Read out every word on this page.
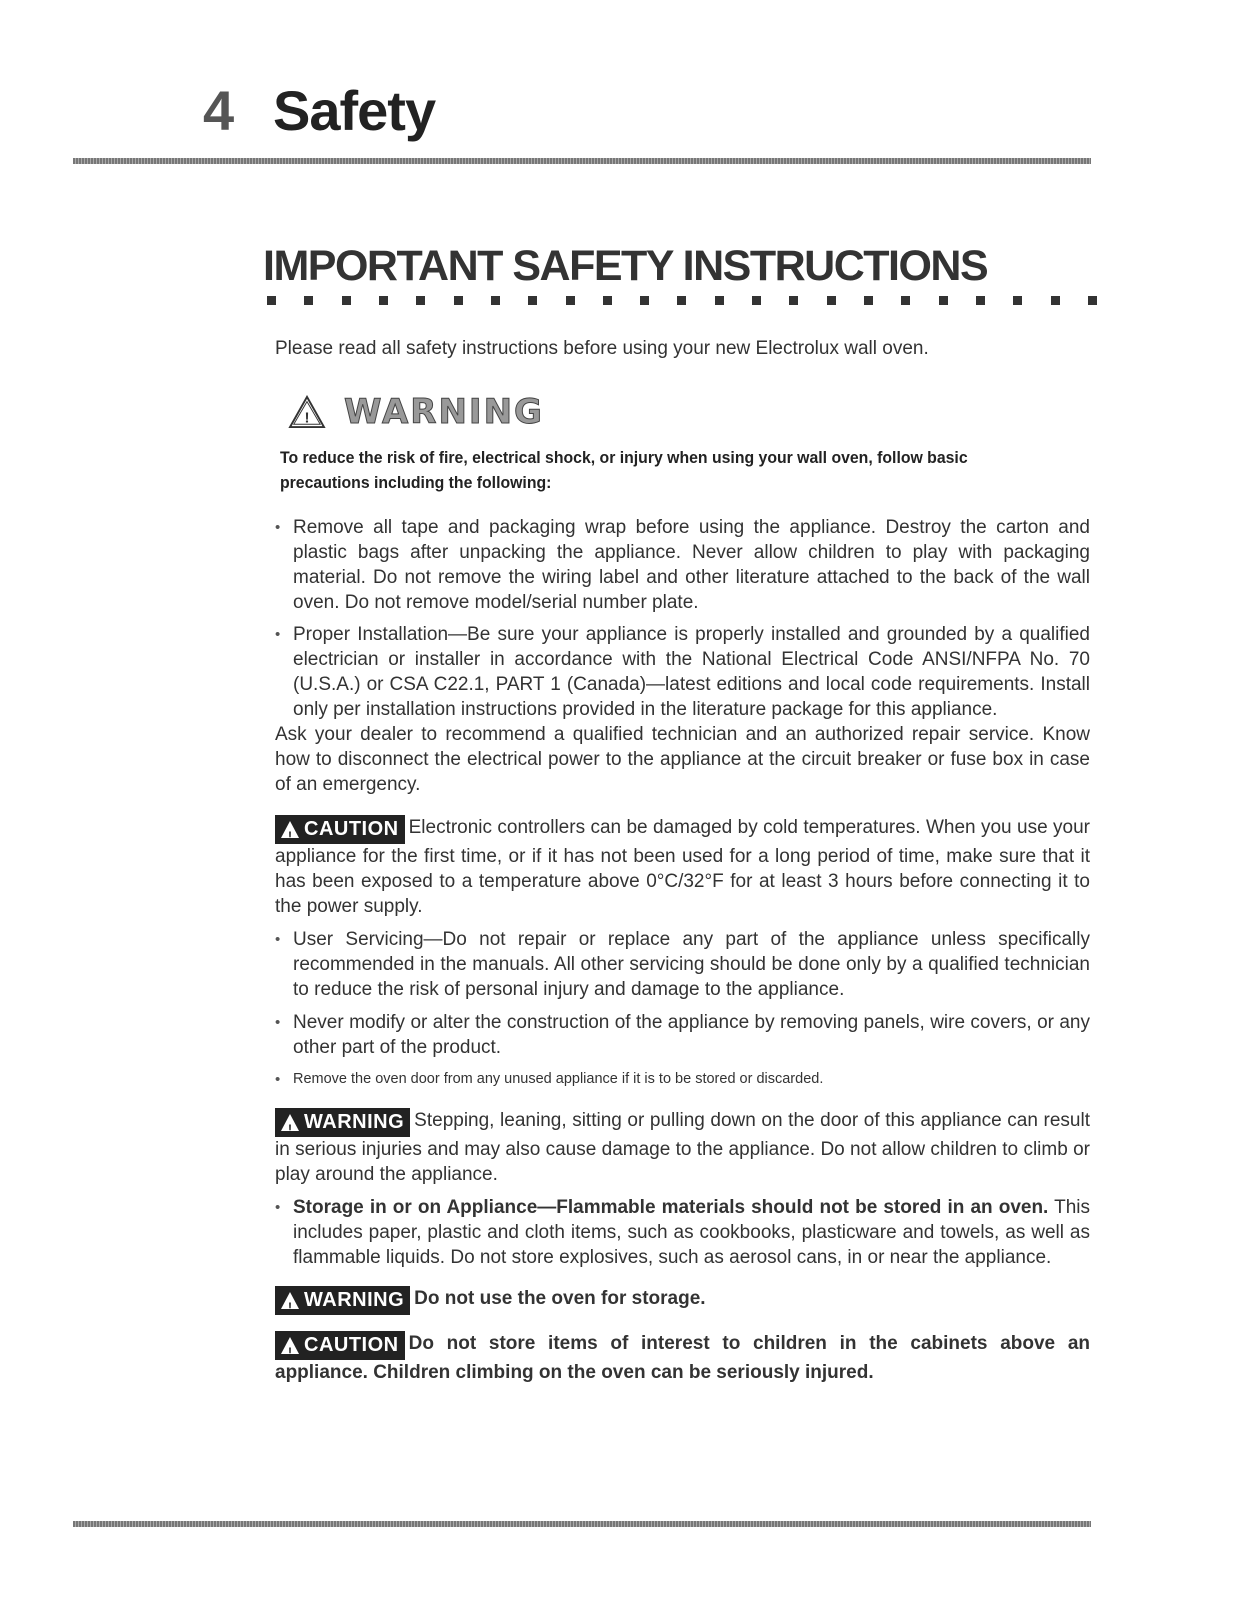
4 Safety
IMPORTANT SAFETY INSTRUCTIONS

Please read all safety instructions before using your new Electrolux wall oven.

! WARNING

To reduce the risk of fire, electrical shock, or injury when using your wall oven, follow basic precautions including the following:

• Remove all tape and packaging wrap before using the appliance. Destroy the carton and plastic bags after unpacking the appliance. Never allow children to play with packaging material. Do not remove the wiring label and other literature attached to the back of the wall oven. Do not remove model/serial number plate.

• Proper Installation—Be sure your appliance is properly installed and grounded by a qualified electrician or installer in accordance with the National Electrical Code ANSI/NFPA No. 70 (U.S.A.) or CSA C22.1, PART 1 (Canada)—latest editions and local code requirements. Install only per installation instructions provided in the literature package for this appliance.

Ask your dealer to recommend a qualified technician and an authorized repair service. Know how to disconnect the electrical power to the appliance at the circuit breaker or fuse box in case of an emergency.

!
CAUTION Electronic controllers can be damaged by cold temperatures. When you use your appliance for the first time, or if it has not been used for a long period of time, make sure that it has been exposed to a temperature above 0°C/32°F for at least 3 hours before connecting it to the power supply.

• User Servicing—Do not repair or replace any part of the appliance unless specifically recommended in the manuals. All other servicing should be done only by a qualified technician to reduce the risk of personal injury and damage to the appliance.

• Never modify or alter the construction of the appliance by removing panels, wire covers, or any other part of the product.

• Remove the oven door from any unused appliance if it is to be stored or discarded.

!
WARNING Stepping, leaning, sitting or pulling down on the door of this appliance can result in serious injuries and may also cause damage to the appliance. Do not allow children to climb or play around the appliance.

• Storage in or on Appliance—Flammable materials should not be stored in an oven. This includes paper, plastic and cloth items, such as cookbooks, plasticware and towels, as well as flammable liquids. Do not store explosives, such as aerosol cans, in or near the appliance.

!
WARNING Do not use the oven for storage.

!
CAUTION Do not store items of interest to children in the cabinets above an appliance. Children climbing on the oven can be seriously injured.
